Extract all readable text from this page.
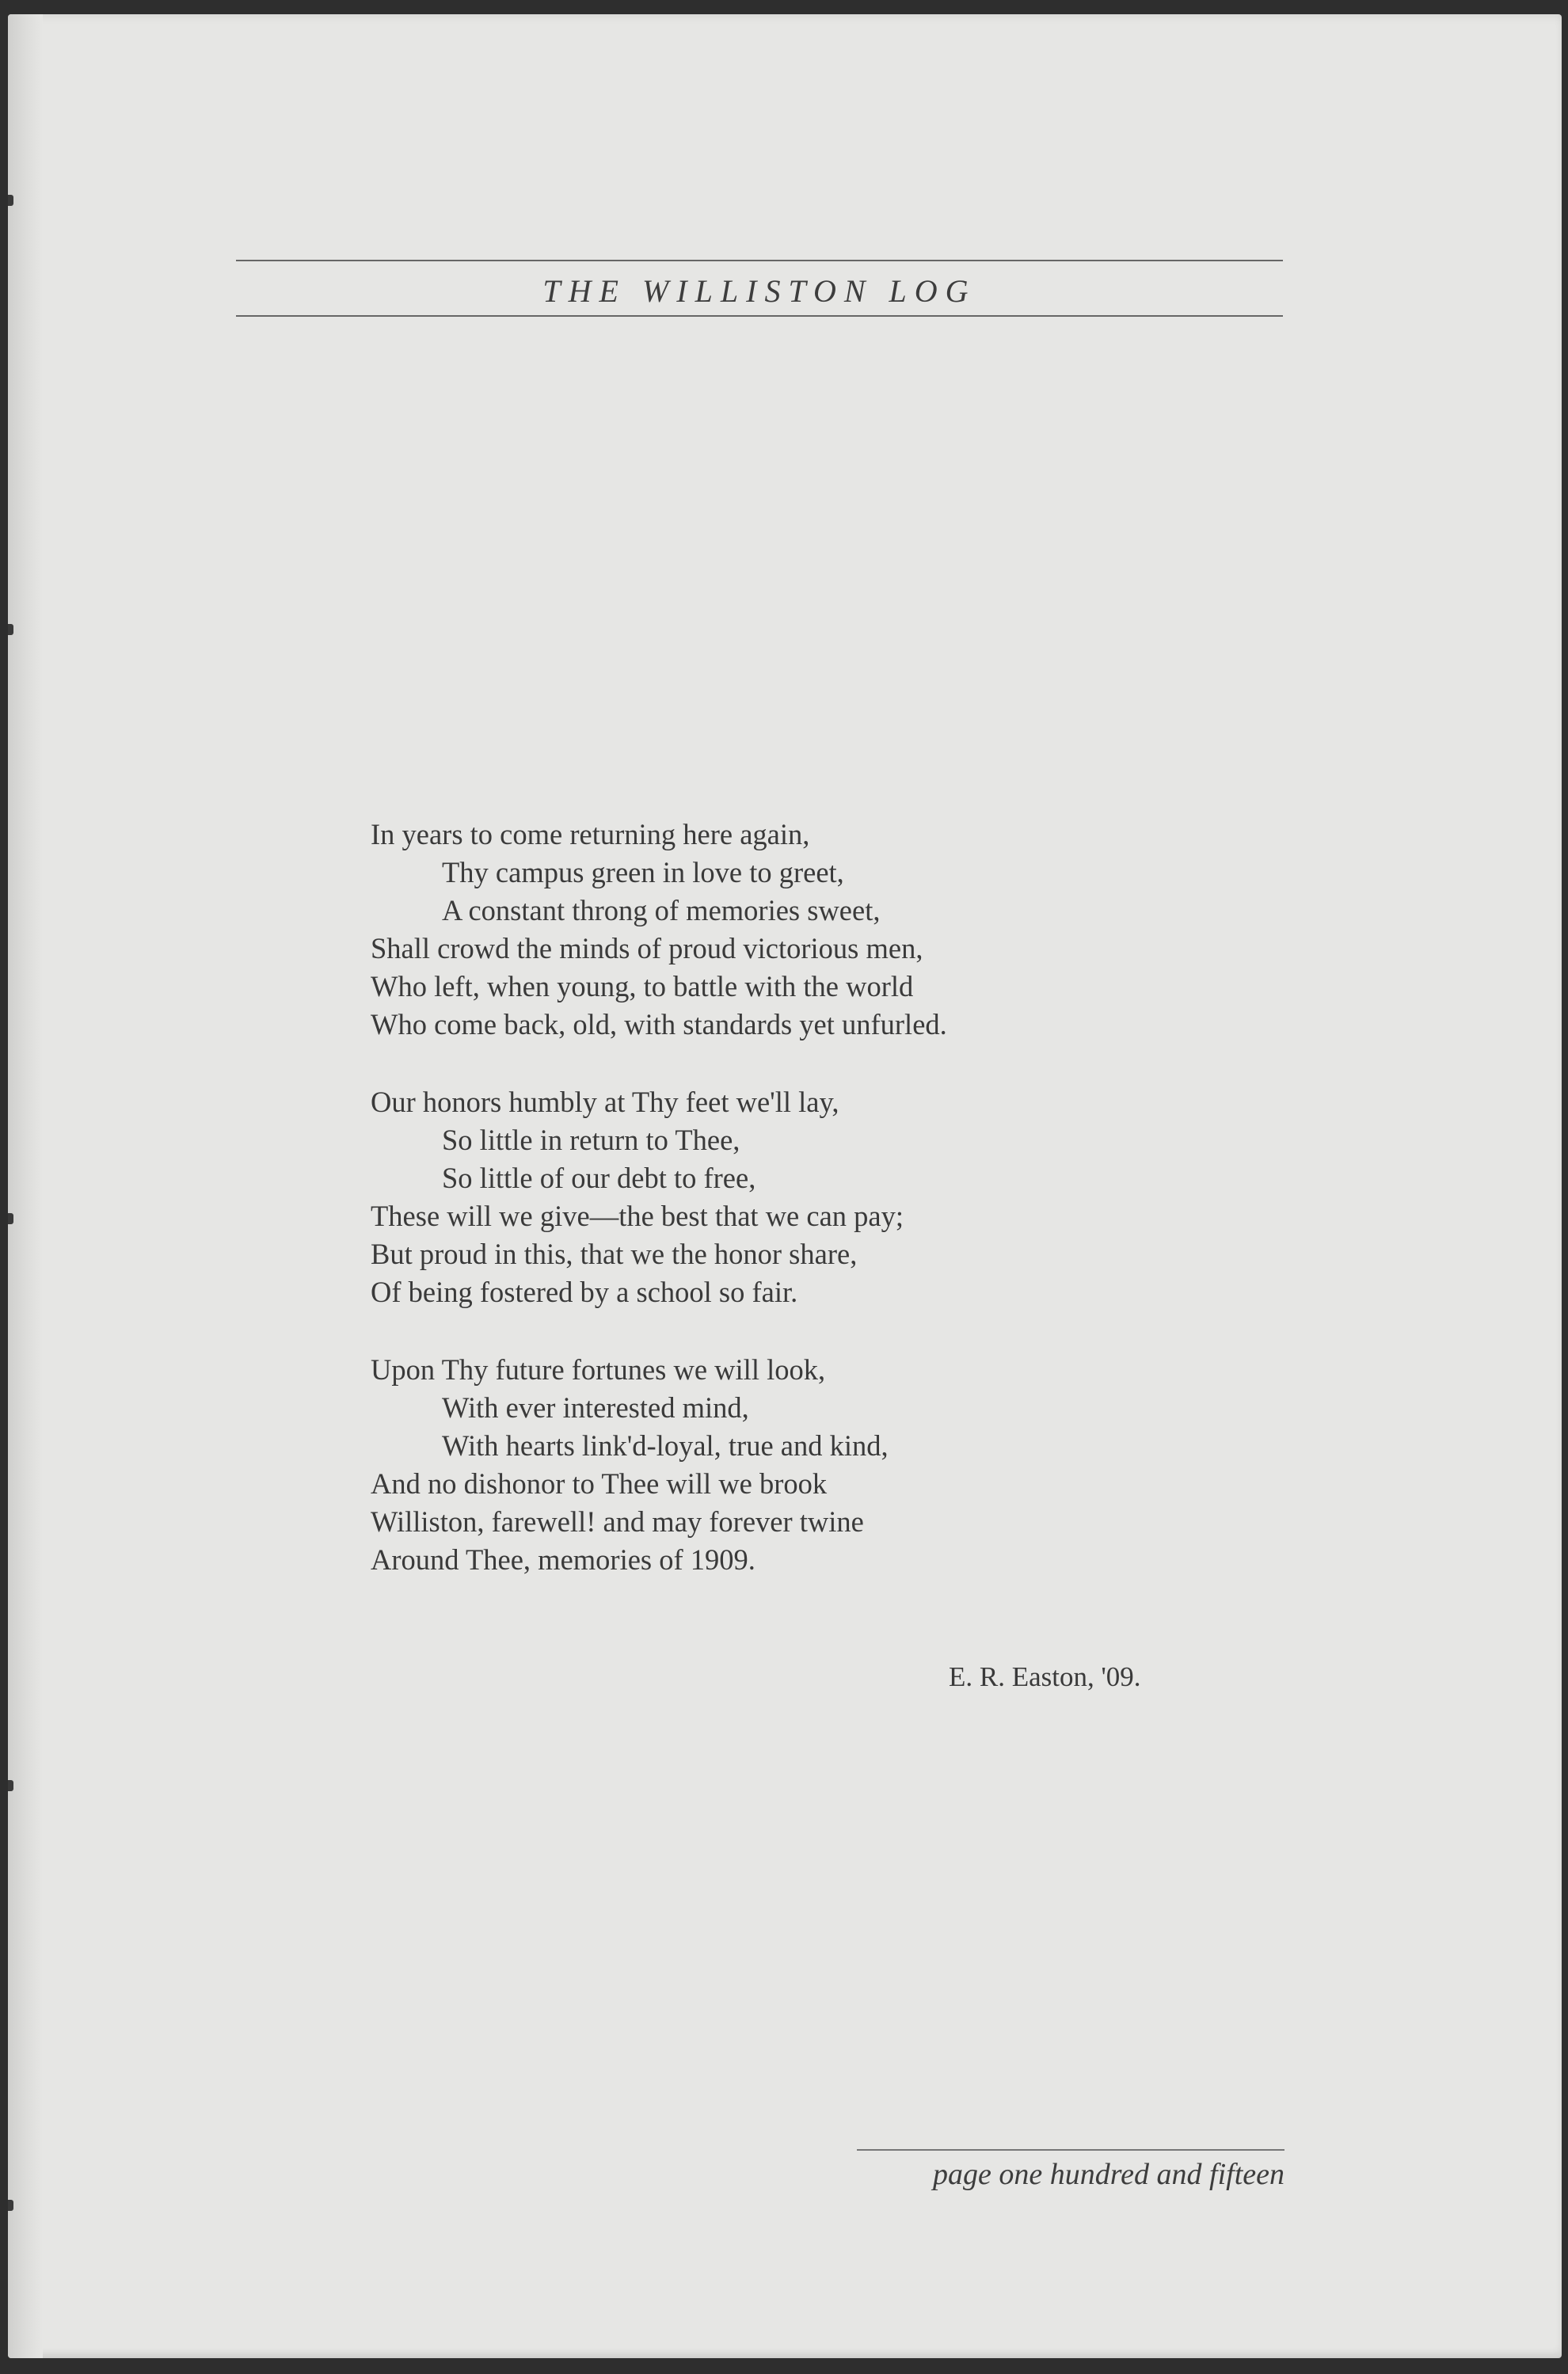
THE WILLISTON LOG
In years to come returning here again,
Thy campus green in love to greet,
A constant throng of memories sweet,
Shall crowd the minds of proud victorious men,
Who left, when young, to battle with the world
Who come back, old, with standards yet unfurled.
Our honors humbly at Thy feet we'll lay,
So little in return to Thee,
So little of our debt to free,
These will we give—the best that we can pay;
But proud in this, that we the honor share,
Of being fostered by a school so fair.
Upon Thy future fortunes we will look,
With ever interested mind,
With hearts link'd-loyal, true and kind,
And no dishonor to Thee will we brook
Williston, farewell! and may forever twine
Around Thee, memories of 1909.
E. R. Easton, '09.
page one hundred and fifteen
